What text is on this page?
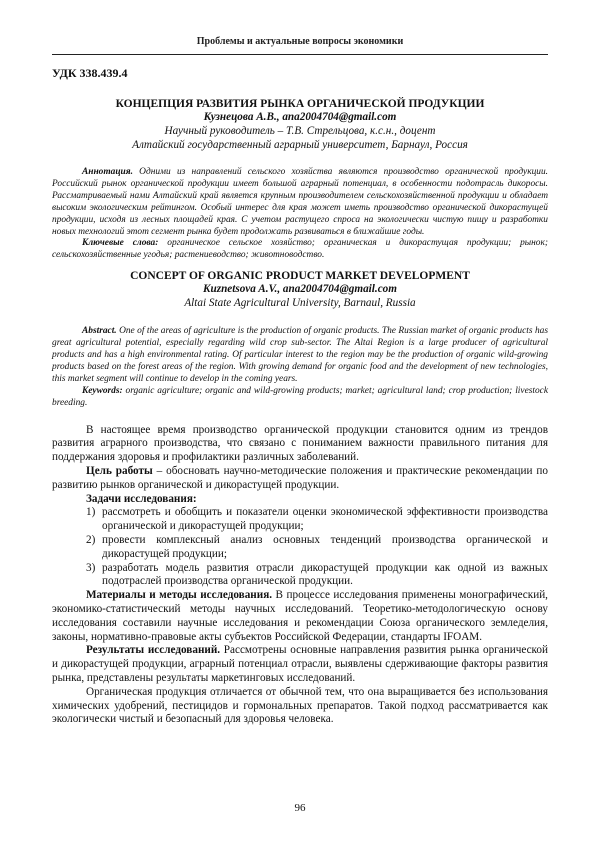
Проблемы и актуальные вопросы экономики

УДК 338.439.4

КОНЦЕПЦИЯ РАЗВИТИЯ РЫНКА ОРГАНИЧЕСКОЙ ПРОДУКЦИИ

Кузнецова А.В., ana2004704@gmail.com
Научный руководитель – Т.В. Стрельцова, к.с.н., доцент
Алтайский государственный аграрный университет, Барнаул, Россия

Аннотация. Одними из направлений сельского хозяйства являются производство органической продукции. Российский рынок органической продукции имеет большой аграрный потенциал, в особенности подотрасль дикоросы. Рассматриваемый нами Алтайский край является крупным производителем сельскохозяйственной продукции и обладает высоким экологическим рейтингом. Особый интерес для края может иметь производство органической дикорастущей продукции, исходя из лесных площадей края. С учетом растущего спроса на экологически чистую пищу и разработки новых технологий этот сегмент рынка будет продолжать развиваться в ближайшие годы.

Ключевые слова: органическое сельское хозяйство; органическая и дикорастущая продукции; рынок; сельскохозяйственные угодья; растениеводство; животноводство.

CONCEPT OF ORGANIC PRODUCT MARKET DEVELOPMENT

Kuznetsova A.V., ana2004704@gmail.com
Altai State Agricultural University, Barnaul, Russia

Abstract. One of the areas of agriculture is the production of organic products. The Russian market of organic products has great agricultural potential, especially regarding wild crop sub-sector. The Altai Region is a large producer of agricultural products and has a high environmental rating. Of particular interest to the region may be the production of organic wild-growing products based on the forest areas of the region. With growing demand for organic food and the development of new technologies, this market segment will continue to develop in the coming years.

Keywords: organic agriculture; organic and wild-growing products; market; agricultural land; crop production; livestock breeding.

В настоящее время производство органической продукции становится одним из трендов развития аграрного производства, что связано с пониманием важности правильного питания для поддержания здоровья и профилактики различных заболеваний.

Цель работы – обосновать научно-методические положения и практические рекомендации по развитию рынков органической и дикорастущей продукции.

Задачи исследования:

1) рассмотреть и обобщить и показатели оценки экономической эффективности производства органической и дикорастущей продукции;
2) провести комплексный анализ основных тенденций производства органической и дикорастущей продукции;
3) разработать модель развития отрасли дикорастущей продукции как одной из важных подотраслей производства органической продукции.

Материалы и методы исследования. В процессе исследования применены монографический, экономико-статистический методы научных исследований. Теоретико-методологическую основу исследования составили научные исследования и рекомендации Союза органического земледелия, законы, нормативно-правовые акты субъектов Российской Федерации, стандарты IFOAM.

Результаты исследований. Рассмотрены основные направления развития рынка органической и дикорастущей продукции, аграрный потенциал отрасли, выявлены сдерживающие факторы развития рынка, представлены результаты маркетинговых исследований.

Органическая продукция отличается от обычной тем, что она выращивается без использования химических удобрений, пестицидов и гормональных препаратов. Такой подход рассматривается как экологически чистый и безопасный для здоровья человека.

96
